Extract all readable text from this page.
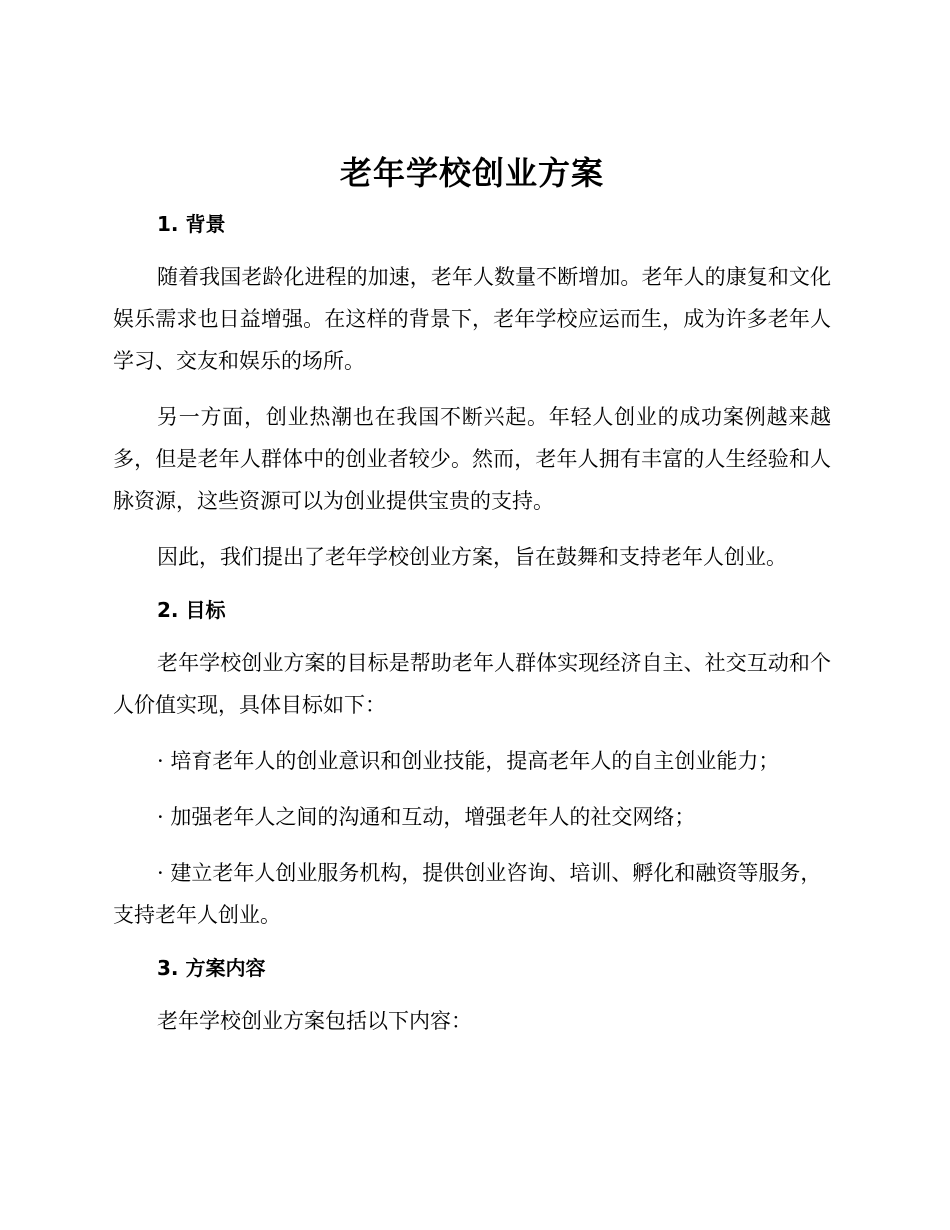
老年学校创业方案
1. 背景

随着我国老龄化进程的加速，老年人数量不断增加。老年人的康复和文化娱乐需求也日益增强。在这样的背景下，老年学校应运而生，成为许多老年人学习、交友和娱乐的场所。

另一方面，创业热潮也在我国不断兴起。年轻人创业的成功案例越来越多，但是老年人群体中的创业者较少。然而，老年人拥有丰富的人生经验和人脉资源，这些资源可以为创业提供宝贵的支持。

因此，我们提出了老年学校创业方案，旨在鼓舞和支持老年人创业。

2. 目标

老年学校创业方案的目标是帮助老年人群体实现经济自主、社交互动和个人价值实现，具体目标如下：

· 培育老年人的创业意识和创业技能，提高老年人的自主创业能力；

· 加强老年人之间的沟通和互动，增强老年人的社交网络；

· 建立老年人创业服务机构，提供创业咨询、培训、孵化和融资等服务，支持老年人创业。

3. 方案内容

老年学校创业方案包括以下内容：
